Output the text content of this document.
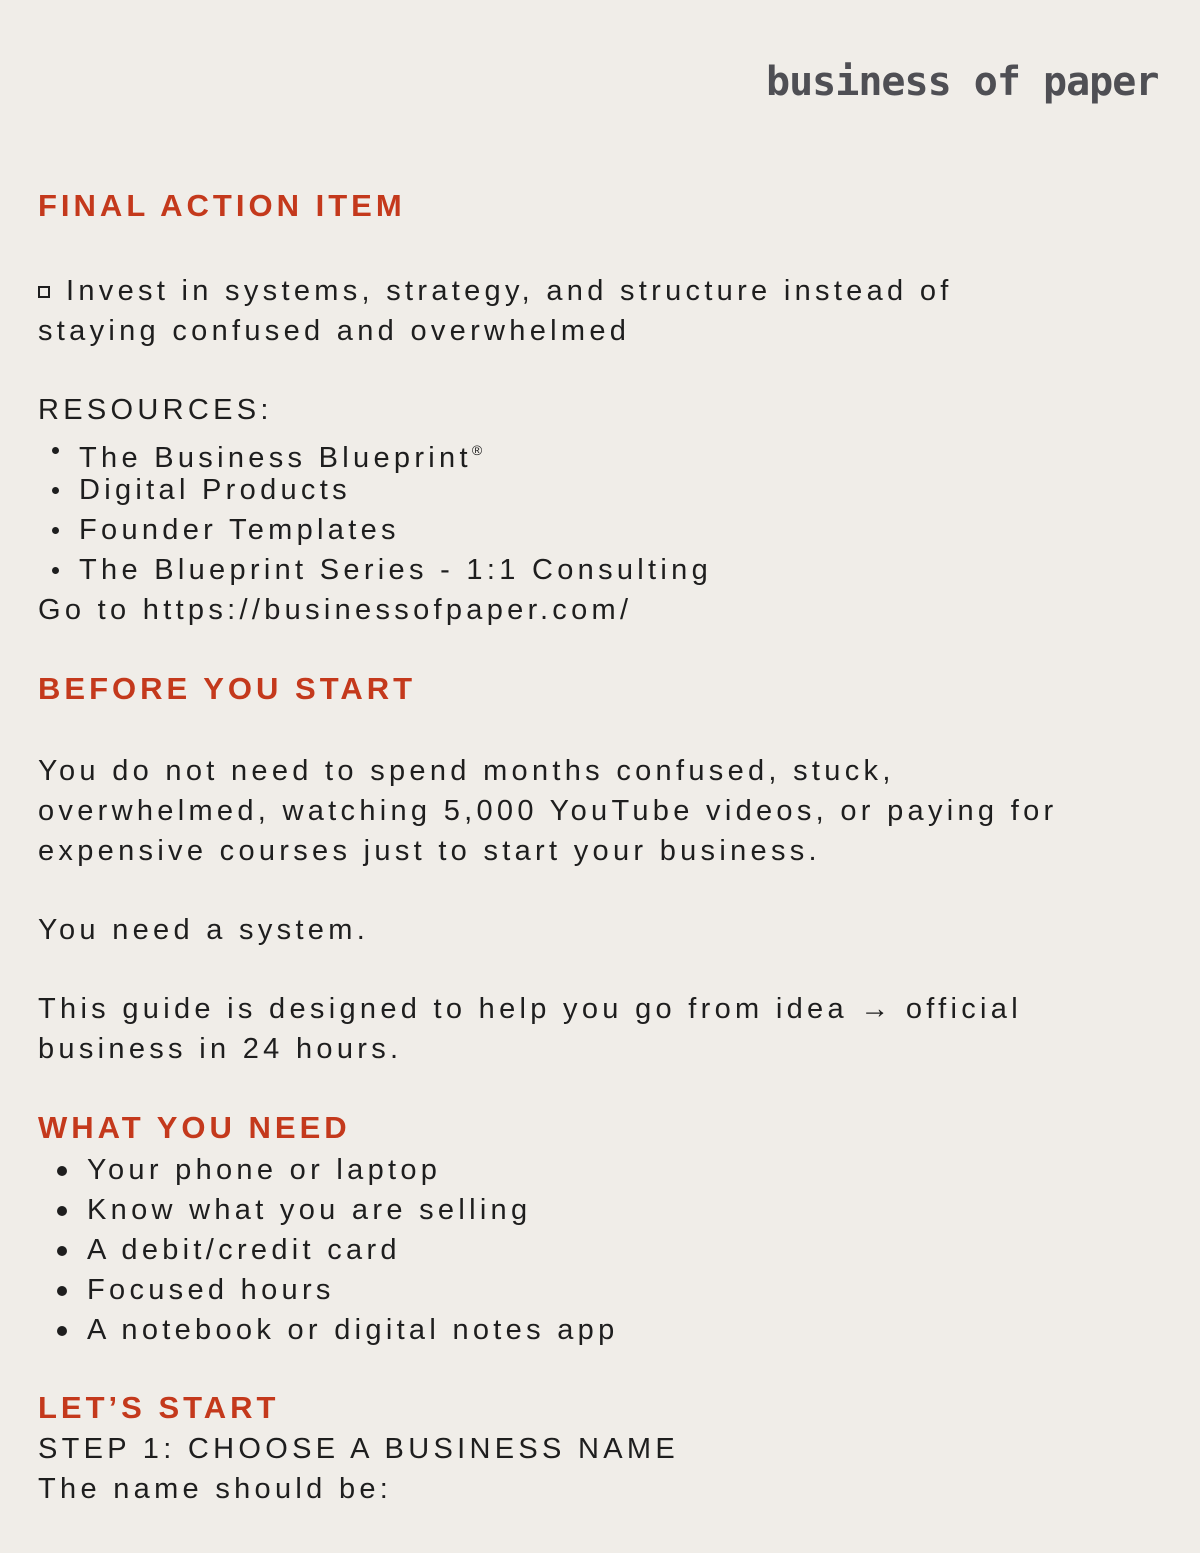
business of paper
FINAL ACTION ITEM
Invest in systems, strategy, and structure instead of
staying confused and overwhelmed
RESOURCES:
The Business Blueprint®
Digital Products
Founder Templates
The Blueprint Series - 1:1 Consulting
Go to https://businessofpaper.com/
BEFORE YOU START
You do not need to spend months confused, stuck,
overwhelmed, watching 5,000 YouTube videos, or paying for
expensive courses just to start your business.
You need a system.
This guide is designed to help you go from idea → official
business in 24 hours.
WHAT YOU NEED
Your phone or laptop
Know what you are selling
A debit/credit card
Focused hours
A notebook or digital notes app
LET’S START
STEP 1: CHOOSE A BUSINESS NAME
The name should be:
